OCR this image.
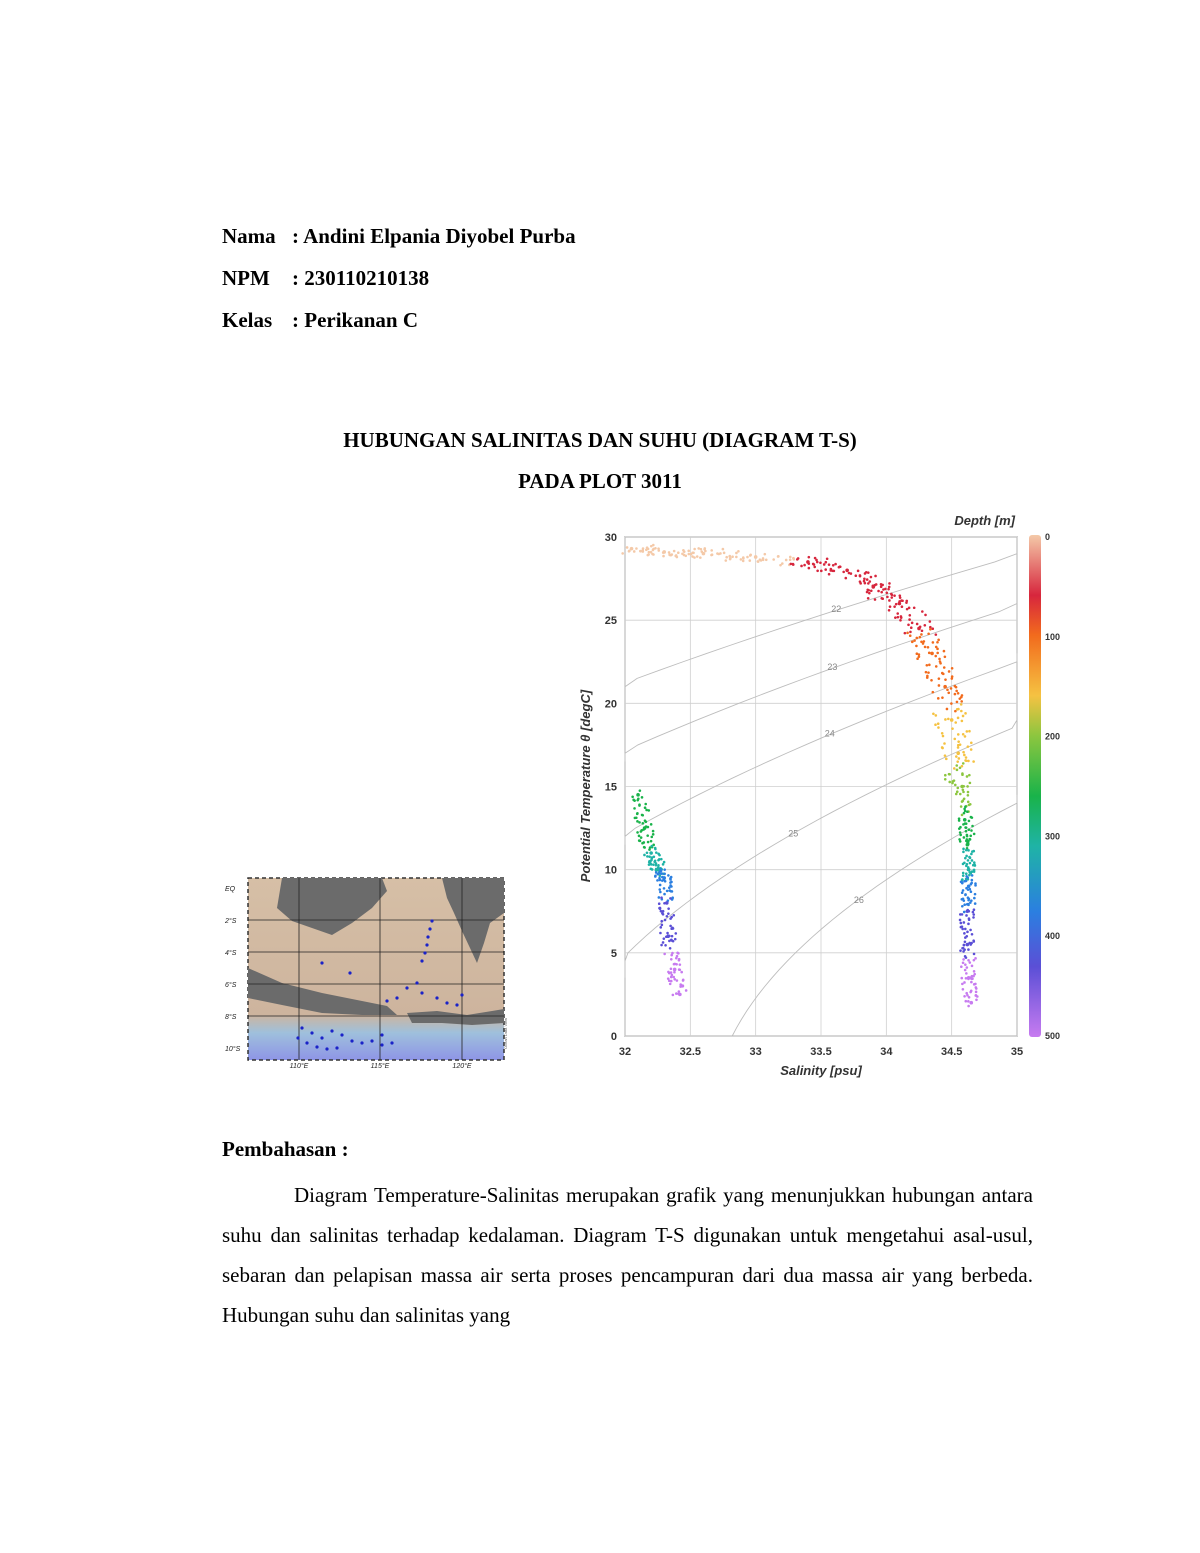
Nama : Andini Elpania Diyobel Purba
NPM : 230110210138
Kelas : Perikanan C
HUBUNGAN SALINITAS DAN SUHU (DIAGRAM T-S)
PADA PLOT 3011
EQ
2°S
4°S
6°S
8°S
10°S
110°E	115°E	120°E
Ocean Data View
22
23
24
25
26
32	32.5	33	33.5	34	34.5	35
0
5
10
15
20
25
30
Salinity [psu]
Potential Temperature θ [degC]
Depth [m]
0
100
200
300
400
500
Pembahasan :
Diagram Temperature-Salinitas merupakan grafik yang menunjukkan hubungan antara suhu dan salinitas terhadap kedalaman. Diagram T-S digunakan untuk mengetahui asal-usul, sebaran dan pelapisan massa air serta proses pencampuran dari dua massa air yang berbeda. Hubungan suhu dan salinitas yang
